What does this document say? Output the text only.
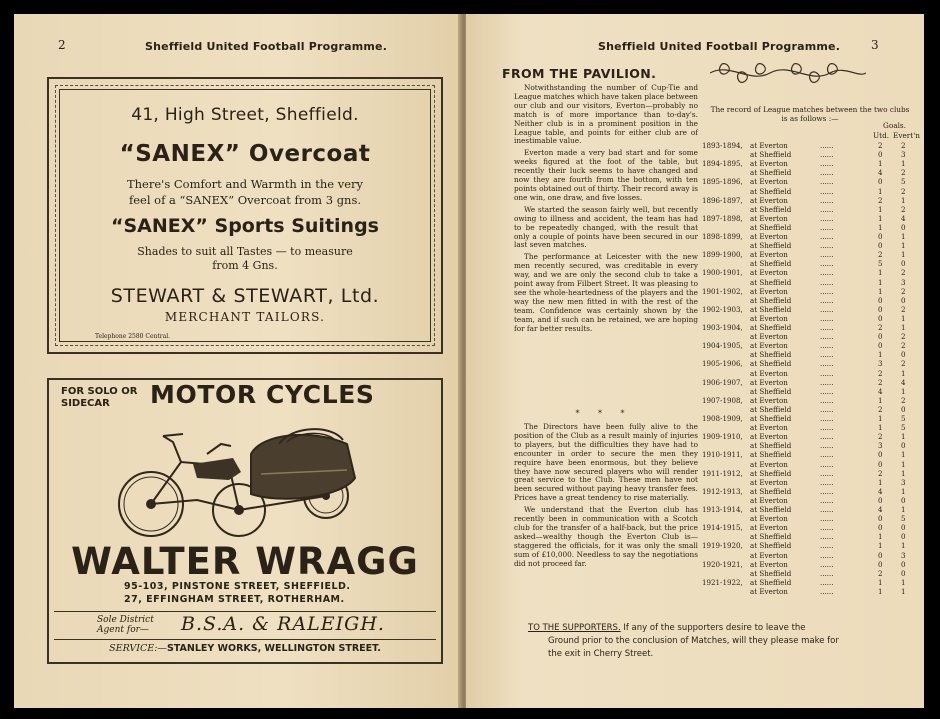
2	Sheffield United Football Programme.
41, High Street, Sheffield.
“SANEX” Overcoat
There's Comfort and Warmth in the very
feel of a “SANEX” Overcoat from 3 gns.
“SANEX” Sports Suitings
Shades to suit all Tastes — to measure
from 4 Gns.
STEWART & STEWART, Ltd.
MERCHANT TAILORS.
Telephone 2580 Central.
FOR SOLO OR
SIDECAR	MOTOR CYCLES
WALTER WRAGG
95-103, PINSTONE STREET, SHEFFIELD.
27, EFFINGHAM STREET, ROTHERHAM.
Sole District
Agent for— B.S.A. & RALEIGH.
SERVICE:—STANLEY WORKS, WELLINGTON STREET.
Sheffield United Football Programme.	3
FROM THE PAVILION.

Notwithstanding the number of Cup-Tie and League matches which have taken place between our club and our visitors, Everton—probably no match is of more importance than to-day's. Neither club is in a prominent position in the League table, and points for either club are of inestimable value.

Everton made a very bad start and for some weeks figured at the foot of the table, but recently their luck seems to have changed and now they are fourth from the bottom, with ten points obtained out of thirty. Their record away is one win, one draw, and five losses.

We started the season fairly well, but recently owing to illness and accident, the team has had to be repeatedly changed, with the result that only a couple of points have been secured in our last seven matches.

The performance at Leicester with the new men recently secured, was creditable in every way, and we are only the second club to take a point away from Filbert Street. It was pleasing to see the whole-heartedness of the players and the way the new men fitted in with the rest of the team. Confidence was certainly shown by the team, and if such can be retained, we are hoping for far better results.

* * *

The Directors have been fully alive to the position of the Club as a result mainly of injuries to players, but the difficulties they have had to encounter in order to secure the men they require have been enormous, but they believe they have now secured players who will render great service to the Club. These men have not been secured without paying heavy transfer fees. Prices have a great tendency to rise materially.

We understand that the Everton club has recently been in communication with a Scotch club for the transfer of a half-back, but the price asked—wealthy though the Everton Club is—staggered the officials, for it was only the small sum of £10,000. Needless to say the negotiations did not proceed far.

The record of League matches between the two clubs is as follows :—
Goals.
Utd. Evert'n
1893-1894, at Everton	......	2	2
at Sheffield	......	0	3
1894-1895, at Everton	......	1	1
at Sheffield	......	4	2
1895-1896, at Everton	......	0	5
at Sheffield	......	1	2
1896-1897, at Everton	......	2	1
at Sheffield	......	1	2
1897-1898, at Everton	......	1	4
at Sheffield	......	1	0
1898-1899, at Everton	......	0	1
at Sheffield	......	0	1
1899-1900, at Everton	......	2	1
at Sheffield	......	5	0
1900-1901, at Everton	......	1	2
at Sheffield	......	1	3
1901-1902, at Everton	......	1	2
at Sheffield	......	0	0
1902-1903, at Sheffield	......	0	2
at Everton	......	0	1
1903-1904, at Sheffield	......	2	1
at Everton	......	0	2
1904-1905, at Everton	......	0	2
at Sheffield	......	1	0
1905-1906, at Sheffield	......	3	2
at Everton	......	2	1
1906-1907, at Everton	......	2	4
at Sheffield	......	4	1
1907-1908, at Everton	......	1	2
at Sheffield	......	2	0
1908-1909, at Sheffield	......	1	5
at Everton	......	1	5
1909-1910, at Everton	......	2	1
at Sheffield	......	3	0
1910-1911, at Sheffield	......	0	1
at Everton	......	0	1
1911-1912, at Sheffield	......	2	1
at Everton	......	1	3
1912-1913, at Sheffield	......	4	1
at Everton	......	0	0
1913-1914, at Sheffield	......	4	1
at Everton	......	0	5
1914-1915, at Everton	......	0	0
at Sheffield	......	1	0
1919-1920, at Sheffield	......	1	1
at Everton	......	0	3
1920-1921, at Everton	......	0	0
at Sheffield	......	2	0
1921-1922, at Sheffield	......	1	1
at Everton	......	1	1
TO THE SUPPORTERS. If any of the supporters desire to leave the
Ground prior to the conclusion of Matches, will they please make for
the exit in Cherry Street.
